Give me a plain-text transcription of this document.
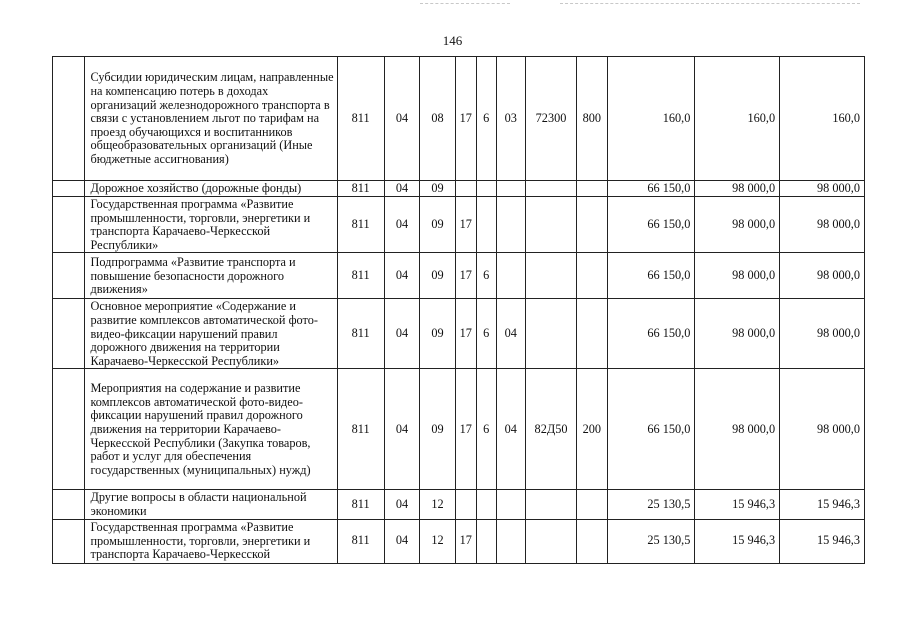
146
	Субсидии юридическим лицам, направленные на компенсацию потерь в доходах организаций железнодорожного транспорта в связи с установлением льгот по тарифам на проезд обучающихся и воспитанников общеобразовательных организаций (Иные бюджетные ассигнования)	811	04	08	17	6	03	72300	800	160,0	160,0	160,0
	Дорожное хозяйство (дорожные фонды)	811	04	09						66 150,0	98 000,0	98 000,0
	Государственная программа «Развитие промышленности, торговли, энергетики и транспорта Карачаево-Черкесской Республики»	811	04	09	17					66 150,0	98 000,0	98 000,0
	Подпрограмма «Развитие транспорта и повышение безопасности дорожного движения»	811	04	09	17	6				66 150,0	98 000,0	98 000,0
	Основное мероприятие «Содержание и развитие комплексов автоматической фото-видео-фиксации нарушений правил дорожного движения на территории Карачаево-Черкесской Республики»	811	04	09	17	6	04			66 150,0	98 000,0	98 000,0
	Мероприятия на содержание и развитие комплексов автоматической фото-видео-фиксации нарушений правил дорожного движения на территории Карачаево-Черкесской Республики (Закупка товаров, работ и услуг для обеспечения государственных (муниципальных) нужд)	811	04	09	17	6	04	82Д50	200	66 150,0	98 000,0	98 000,0
	Другие вопросы в области национальной экономики	811	04	12						25 130,5	15 946,3	15 946,3
	Государственная программа «Развитие промышленности, торговли, энергетики и транспорта Карачаево-Черкесской	811	04	12	17					25 130,5	15 946,3	15 946,3
